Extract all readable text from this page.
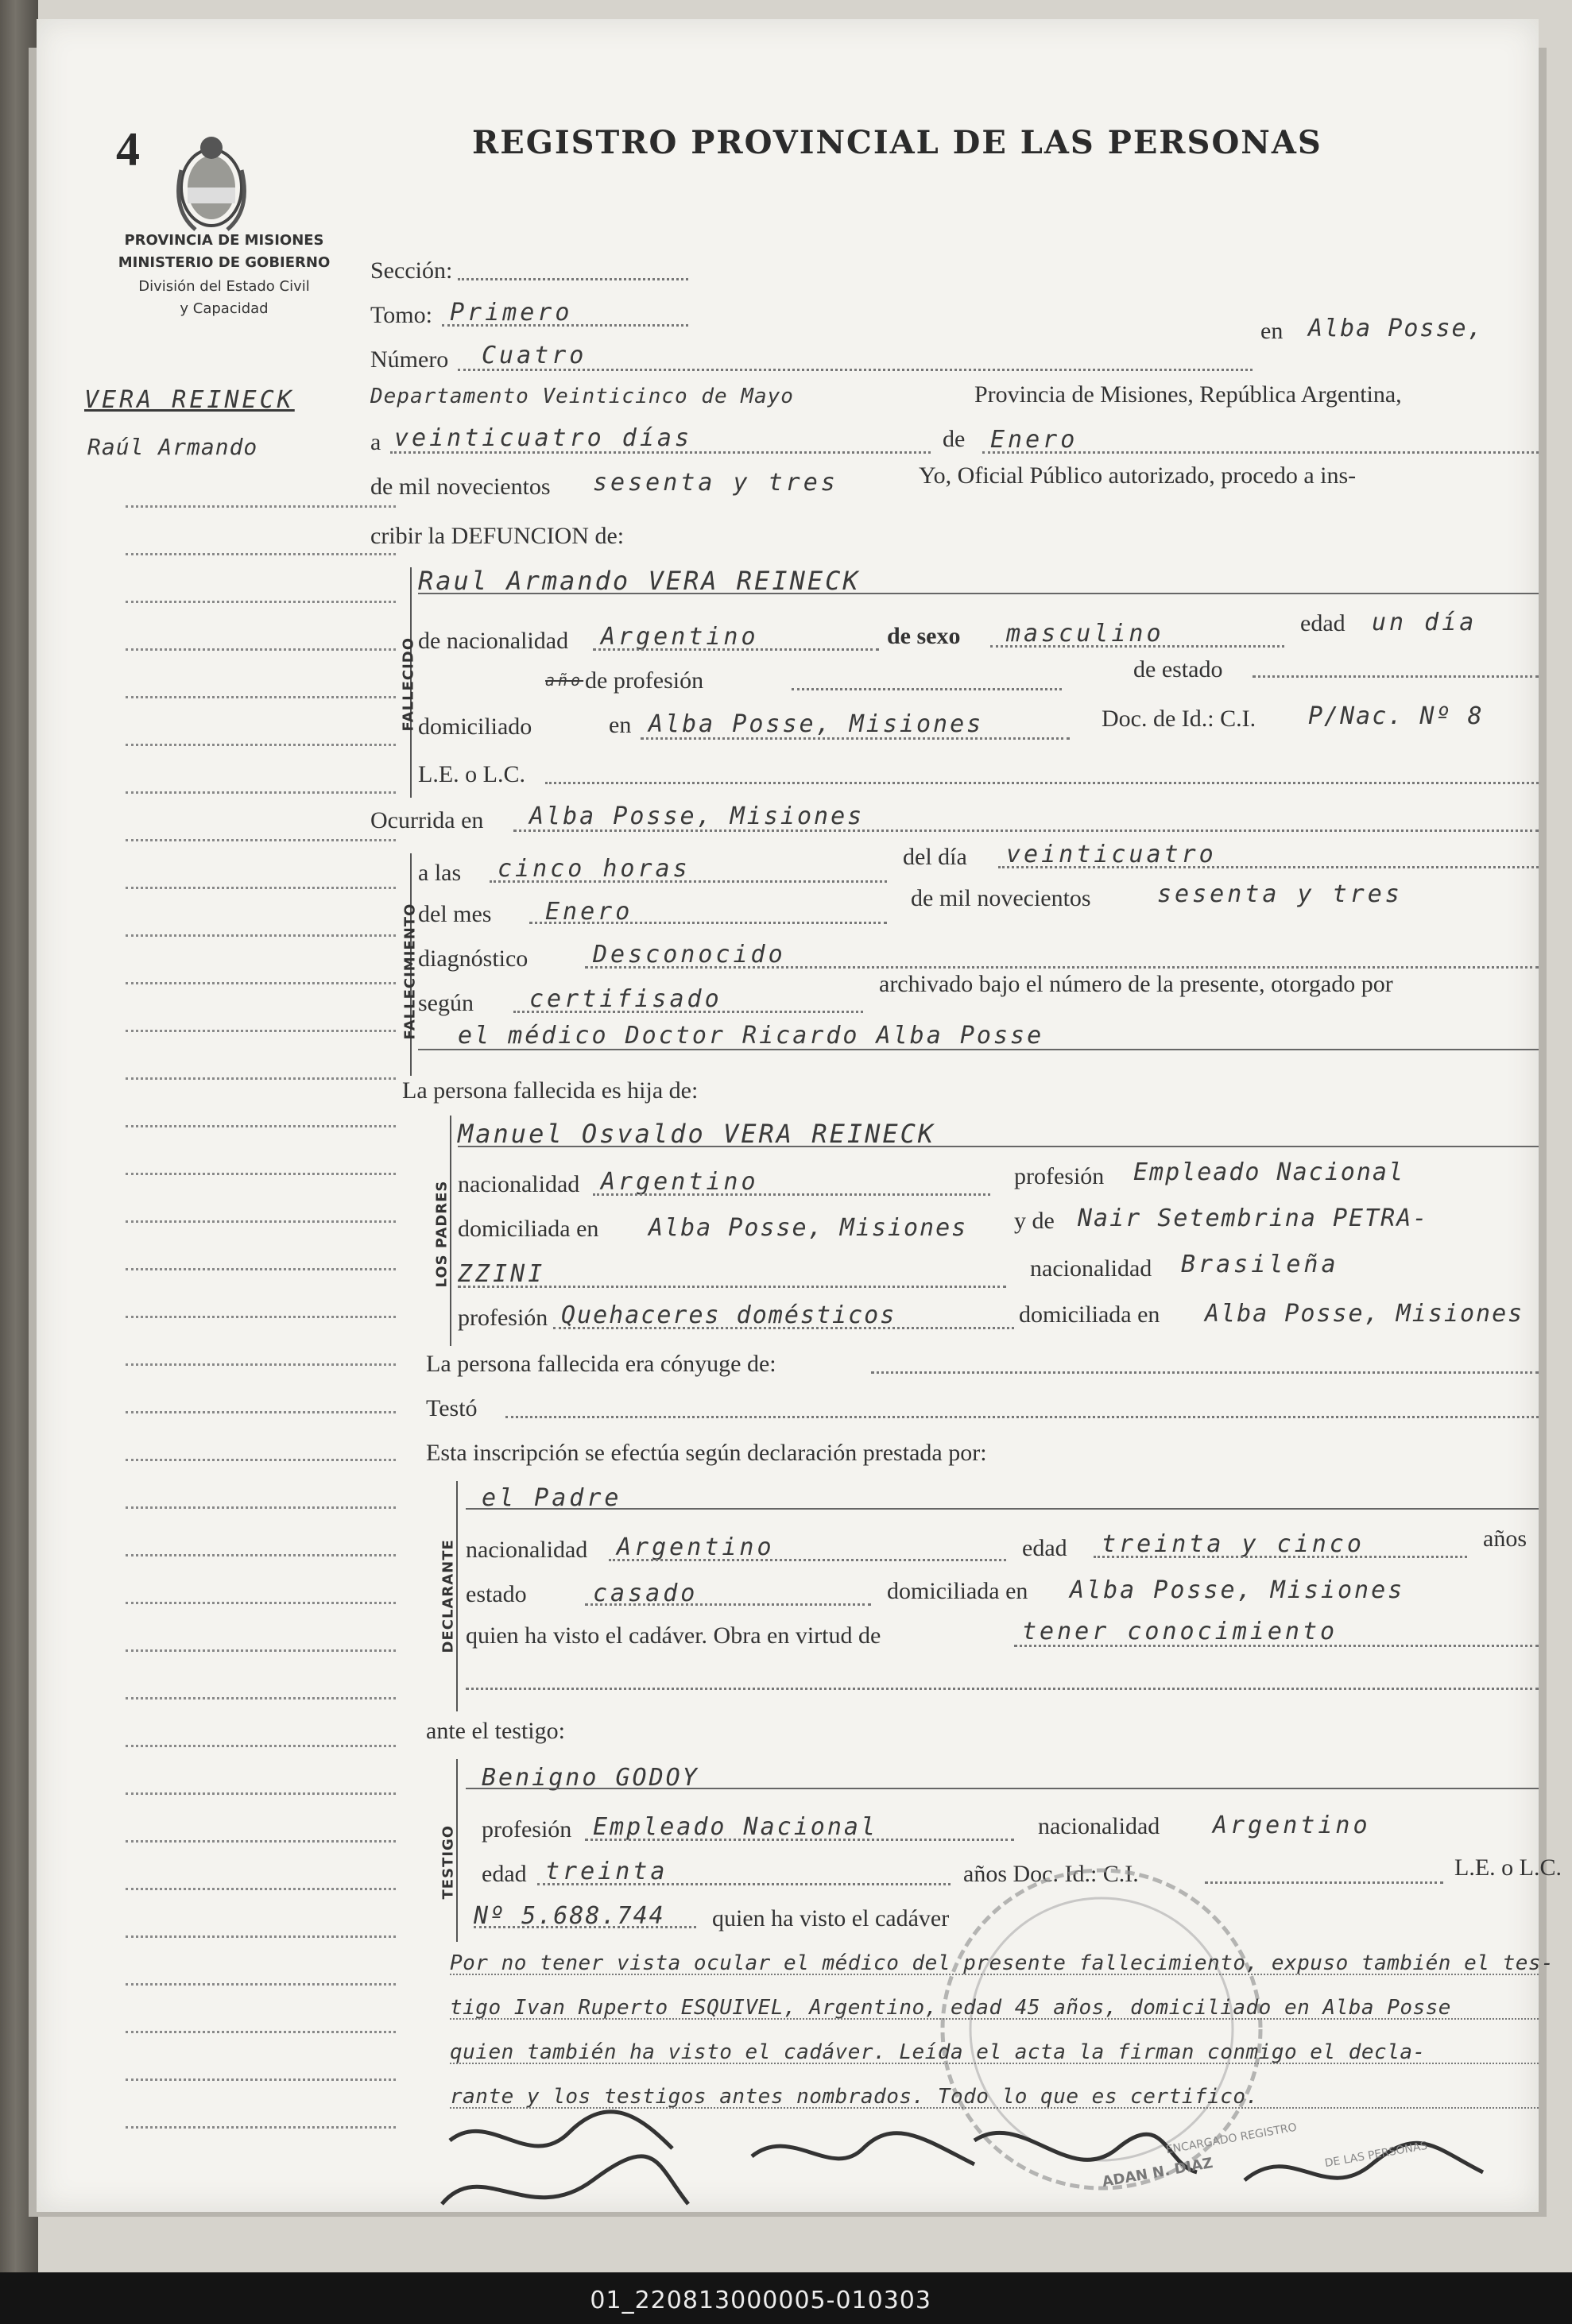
4	REGISTRO PROVINCIAL DE LAS PERSONAS
PROVINCIA DE MISIONES
MINISTERIO DE GOBIERNO
División del Estado Civil
y Capacidad
VERA REINECK
Raúl Armando
Sección:
Tomo: Primero
Número Cuatro
en Alba Posse,
Departamento Veinticinco de Mayo	Provincia de Misiones, República Argentina,
a veinticuatro días	de Enero
de mil novecientos sesenta y tres	Yo, Oficial Público autorizado, procedo a ins-
cribir la DEFUNCION de:
FALLECIDO
Raul Armando VERA REINECK
de nacionalidad Argentino	de sexo masculino	edad un día
año de profesión	de estado
domiciliado	en Alba Posse, Misiones	Doc. de Id.: C.I. P/Nac. Nº 8
L.E. o L.C.
Ocurrida en Alba Posse, Misiones
FALLECIMIENTO
a las cinco horas	del día veinticuatro
del mes Enero	de mil novecientos	sesenta y tres
diagnóstico	Desconocido
según certifisado
archivado bajo el número de la presente, otorgado por
el médico Doctor Ricardo Alba Posse
La persona fallecida es hija de:
LOS PADRES
Manuel Osvaldo VERA REINECK
nacionalidad Argentino	profesión Empleado Nacional
domiciliada en Alba Posse, Misiones y de Nair Setembrina PETRA-
ZZINI	nacionalidad Brasileña
profesión Quehaceres domésticos	domiciliada en Alba Posse, Misiones
La persona fallecida era cónyuge de:
Testó
Esta inscripción se efectúa según declaración prestada por:
DECLARANTE
el Padre
nacionalidad Argentino	edad treinta y cinco	años
estado	casado	domiciliada en Alba Posse, Misiones
quien ha visto el cadáver. Obra en virtud de	tener conocimiento
ante el testigo:
TESTIGO
Benigno GODOY
profesión Empleado Nacional	nacionalidad Argentino
edad treinta	años Doc. Id.: C.I.	L.E. o L.C.
Nº 5.688.744 quien ha visto el cadáver
Por no tener vista ocular el médico del presente fallecimiento, expuso también el tes-
tigo Ivan Ruperto ESQUIVEL, Argentino, edad 45 años, domiciliado en Alba Posse
quien también ha visto el cadáver. Leída el acta la firman conmigo el decla-
rante y los testigos antes nombrados. Todo lo que es certifico.
ADAN N. DIAZ
ENCARGADO REGISTRO DE LAS PERSONAS
01_220813000005-010303
